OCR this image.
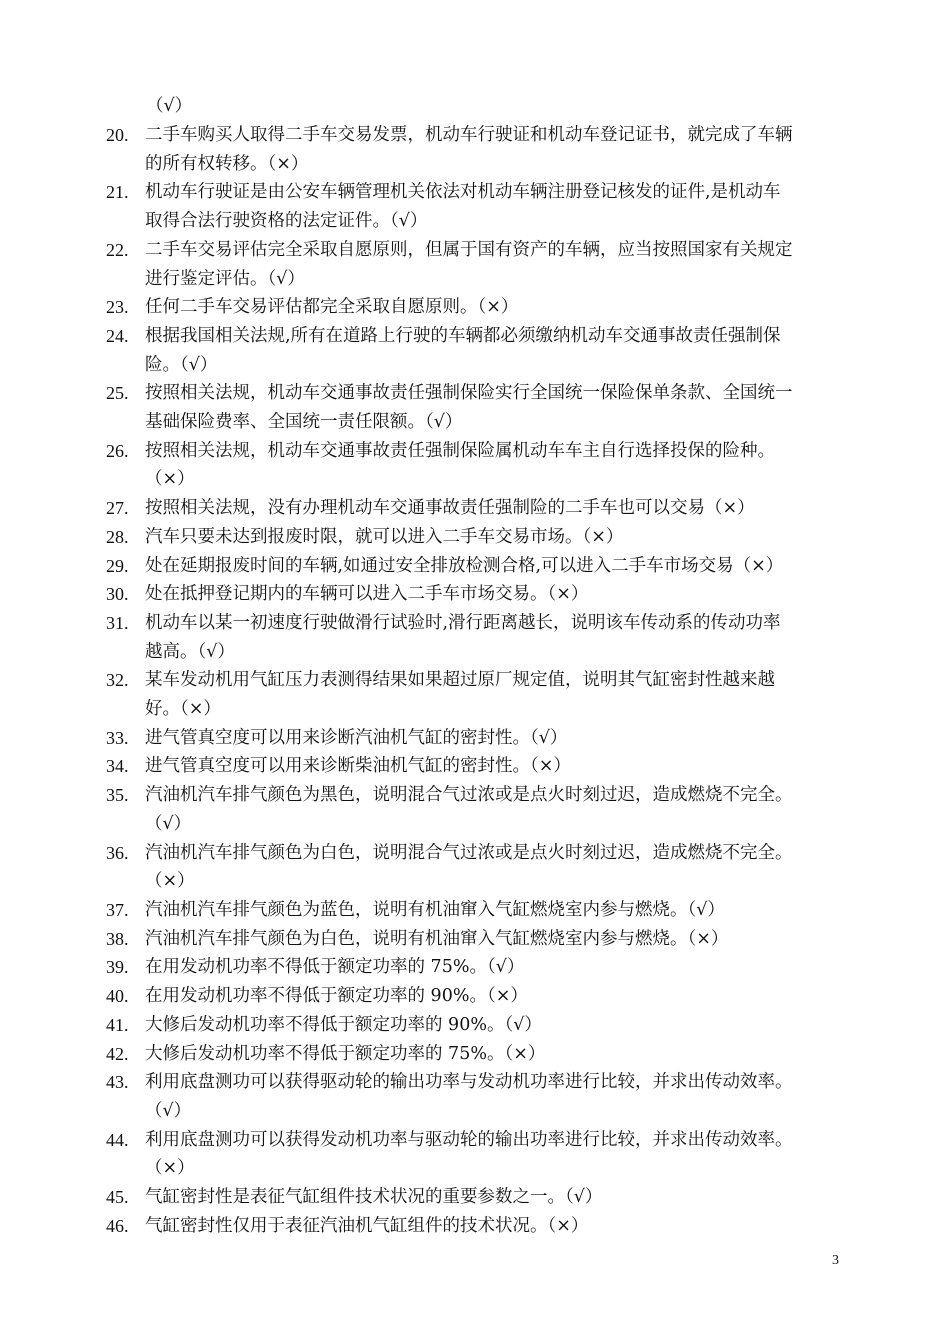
（√）
20. 二手车购买人取得二手车交易发票，机动车行驶证和机动车登记证书，就完成了车辆
的所有权转移。（×）
21. 机动车行驶证是由公安车辆管理机关依法对机动车辆注册登记核发的证件,是机动车
取得合法行驶资格的法定证件。（√）
22. 二手车交易评估完全采取自愿原则，但属于国有资产的车辆，应当按照国家有关规定
进行鉴定评估。（√）
23. 任何二手车交易评估都完全采取自愿原则。（×）
24. 根据我国相关法规,所有在道路上行驶的车辆都必须缴纳机动车交通事故责任强制保
险。（√）
25. 按照相关法规，机动车交通事故责任强制保险实行全国统一保险保单条款、全国统一
基础保险费率、全国统一责任限额。（√）
26. 按照相关法规，机动车交通事故责任强制保险属机动车车主自行选择投保的险种。
（×）
27. 按照相关法规，没有办理机动车交通事故责任强制险的二手车也可以交易（×）
28. 汽车只要未达到报废时限，就可以进入二手车交易市场。（×）
29. 处在延期报废时间的车辆,如通过安全排放检测合格,可以进入二手车市场交易（×）
30. 处在抵押登记期内的车辆可以进入二手车市场交易。（×）
31. 机动车以某一初速度行驶做滑行试验时,滑行距离越长，说明该车传动系的传动功率
越高。（√）
32. 某车发动机用气缸压力表测得结果如果超过原厂规定值，说明其气缸密封性越来越
好。（×）
33. 进气管真空度可以用来诊断汽油机气缸的密封性。（√）
34. 进气管真空度可以用来诊断柴油机气缸的密封性。（×）
35. 汽油机汽车排气颜色为黑色，说明混合气过浓或是点火时刻过迟，造成燃烧不完全。
（√）
36. 汽油机汽车排气颜色为白色，说明混合气过浓或是点火时刻过迟，造成燃烧不完全。
（×）
37. 汽油机汽车排气颜色为蓝色，说明有机油窜入气缸燃烧室内参与燃烧。（√）
38. 汽油机汽车排气颜色为白色，说明有机油窜入气缸燃烧室内参与燃烧。（×）
39. 在用发动机功率不得低于额定功率的 75%。（√）
40. 在用发动机功率不得低于额定功率的 90%。（×）
41. 大修后发动机功率不得低于额定功率的 90%。（√）
42. 大修后发动机功率不得低于额定功率的 75%。（×）
43. 利用底盘测功可以获得驱动轮的输出功率与发动机功率进行比较，并求出传动效率。
（√）
44. 利用底盘测功可以获得发动机功率与驱动轮的输出功率进行比较，并求出传动效率。
（×）
45. 气缸密封性是表征气缸组件技术状况的重要参数之一。（√）
46. 气缸密封性仅用于表征汽油机气缸组件的技术状况。（×）
3
